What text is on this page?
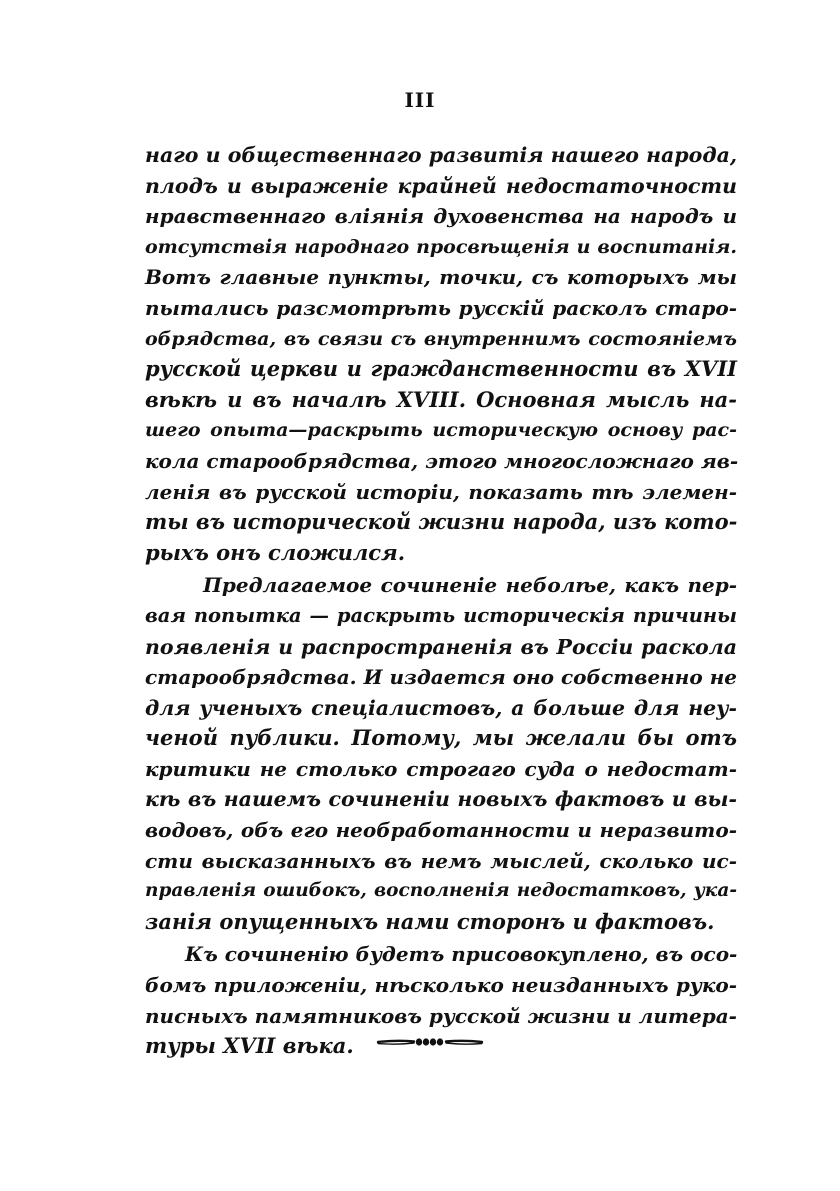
III
наго и общественнаго развитія нашего народа,
плодъ и выраженіе крайней недостаточности
нравственнаго вліянія духовенства на народъ и
отсутствія народнаго просвѣщенія и воспитанія.
Вотъ главные пункты, точки, съ которыхъ мы
пытались разсмотрѣть русскій расколъ старо-
обрядства, въ связи съ внутреннимъ состояніемъ
русской церкви и гражданственности въ XVII
вѣкѣ и въ началѣ XVIII. Основная мысль на-
шего опыта—раскрыть историческую основу рас-
кола старообрядства, этого многосложнаго яв-
ленія въ русской исторіи, показать тѣ элемен-
ты въ исторической жизни народа, изъ кото-
рыхъ онъ сложился.
Предлагаемое сочиненіе неболѣе, какъ пер-
вая попытка — раскрыть историческія причины
появленія и распространенія въ Россіи раскола
старообрядства. И издается оно собственно не
для ученыхъ спеціалистовъ, а больше для неу-
ченой публики. Потому, мы желали бы отъ
критики не столько строгаго суда о недостат-
кѣ въ нашемъ сочиненіи новыхъ фактовъ и вы-
водовъ, объ его необработанности и неразвито-
сти высказанныхъ въ немъ мыслей, сколько ис-
правленія ошибокъ, восполненія недостатковъ, ука-
занія опущенныхъ нами сторонъ и фактовъ.
Къ сочиненію будетъ присовокуплено, въ осо-
бомъ приложеніи, нѣсколько неизданныхъ руко-
писныхъ памятниковъ русской жизни и литера-
туры XVII вѣка.
